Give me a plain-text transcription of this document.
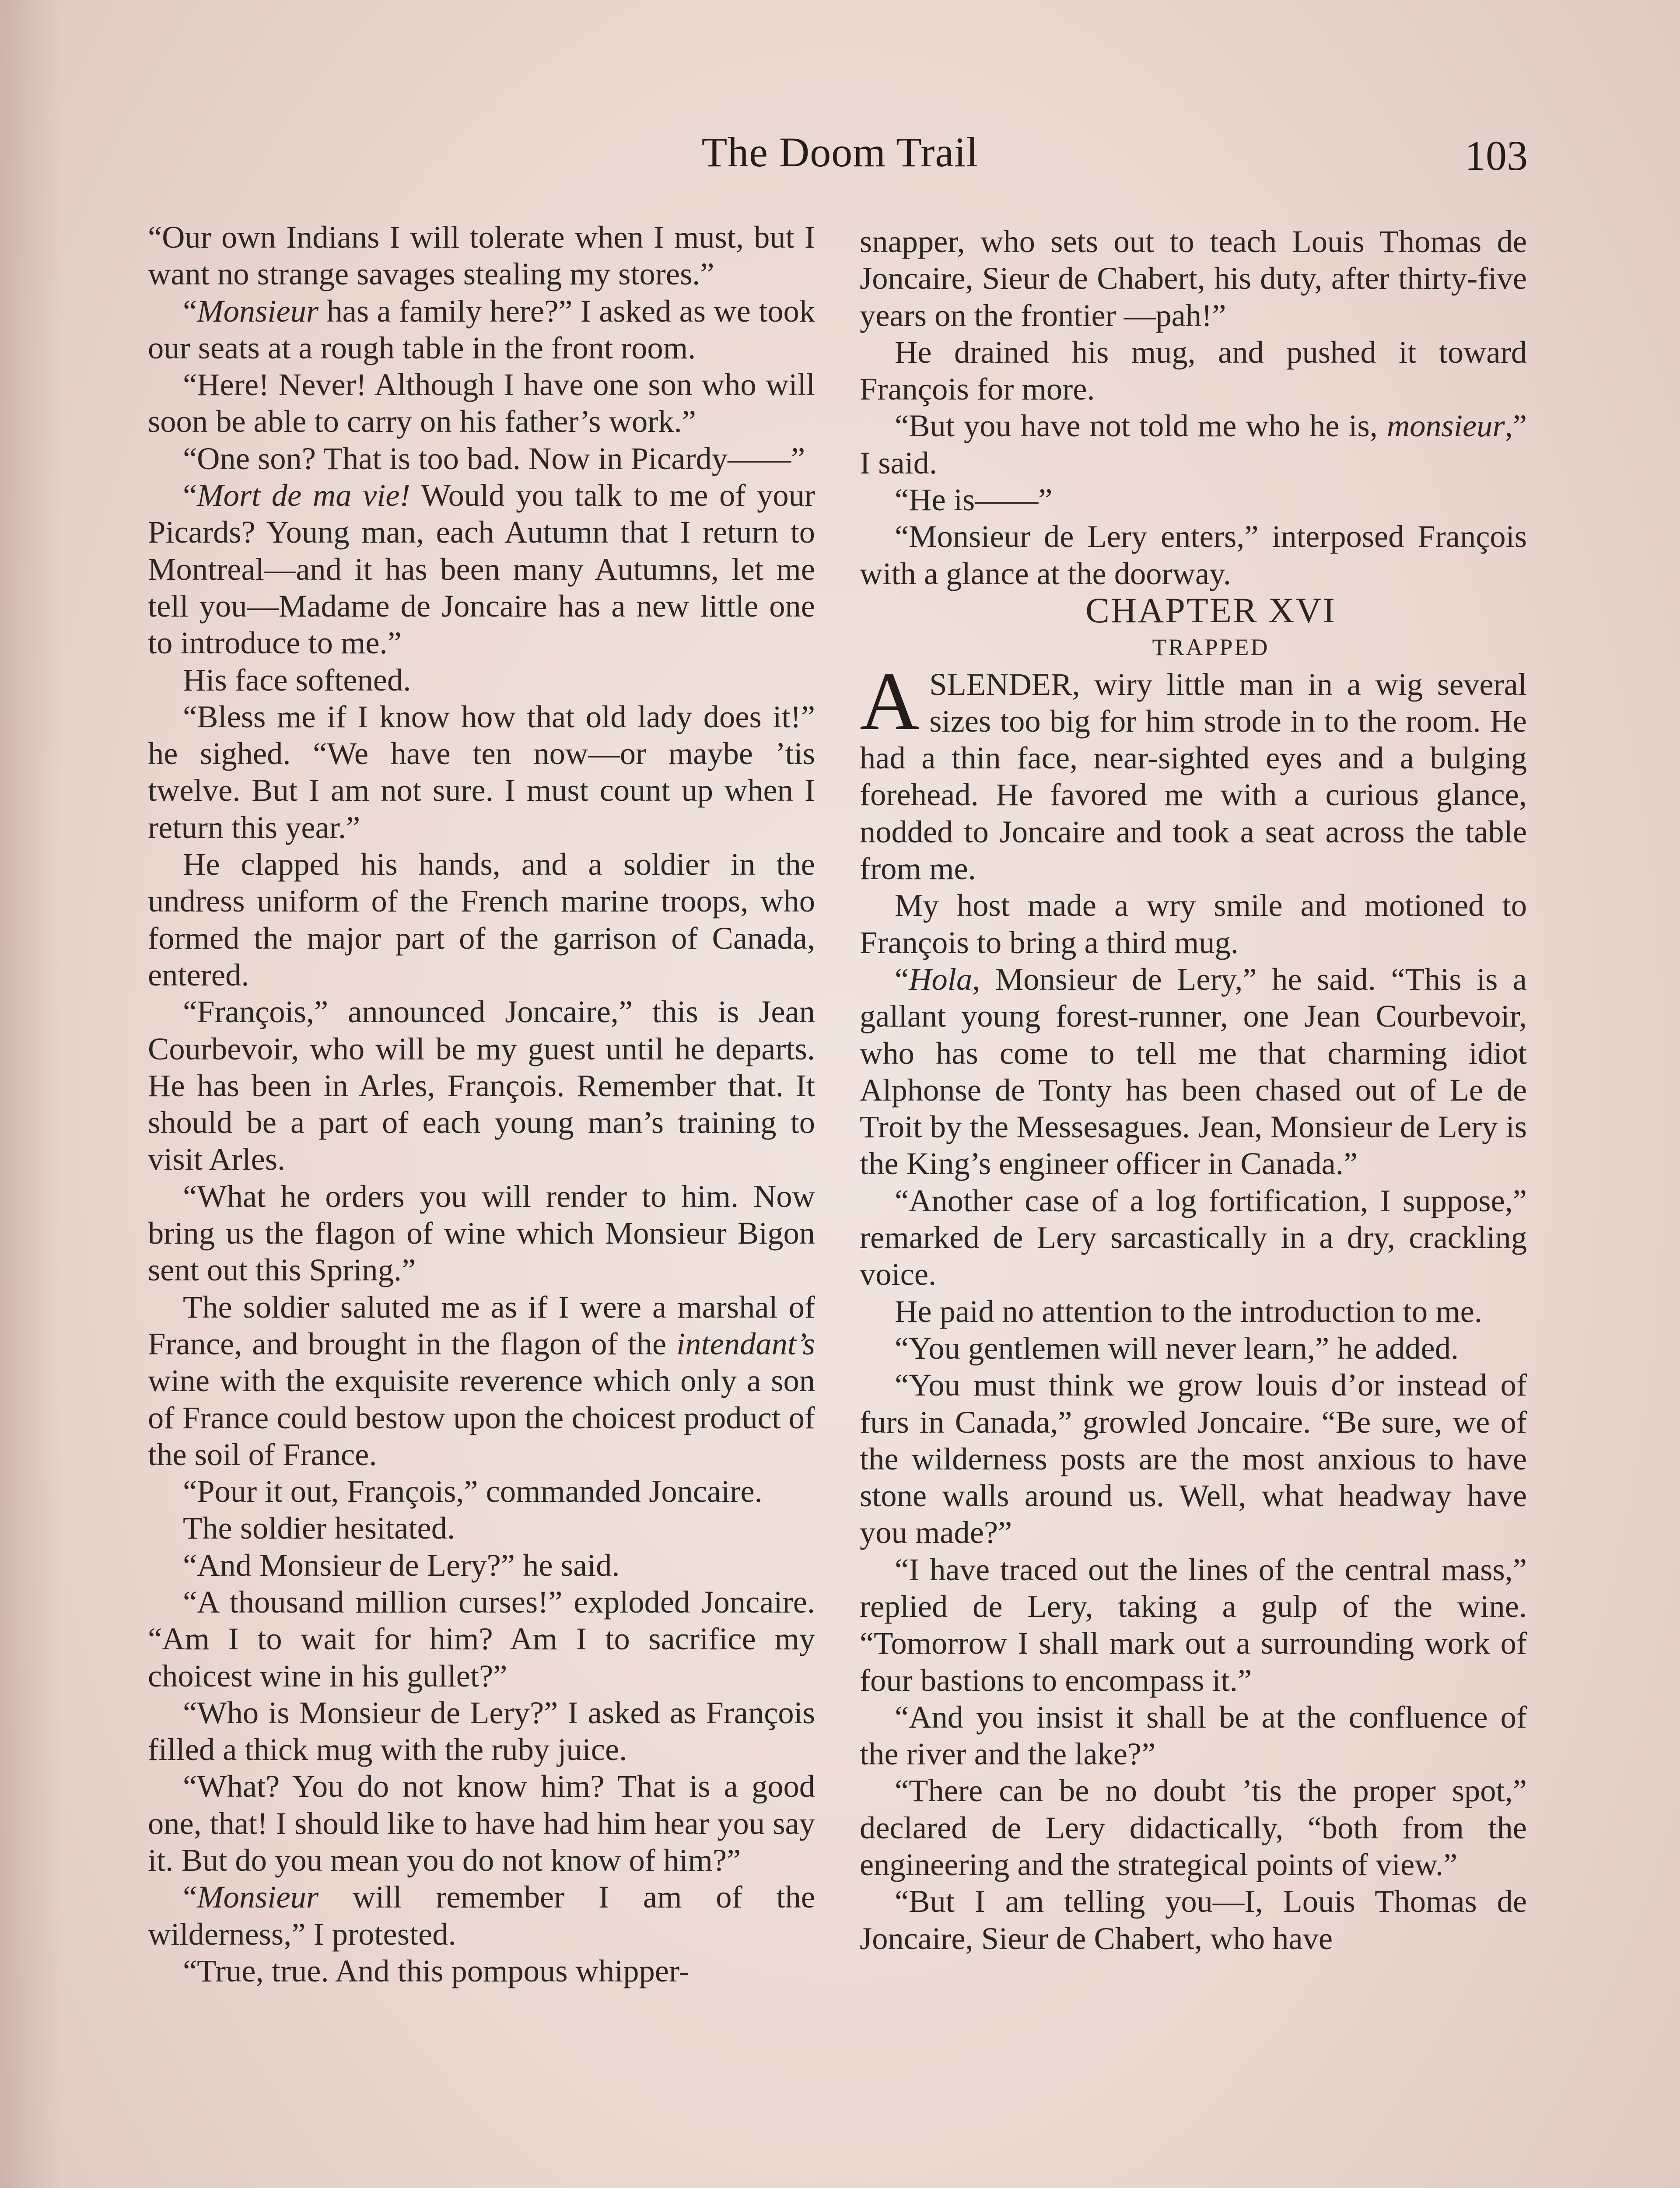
The Doom Trail	103

“Our own Indians I will tolerate when I must, but I want no strange savages stealing my stores.”

“Monsieur has a family here?” I asked as we took our seats at a rough table in the front room.

“Here! Never! Although I have one son who will soon be able to carry on his father’s work.”

“One son? That is too bad. Now in Picardy——”

“Mort de ma vie! Would you talk to me of your Picards? Young man, each Autumn that I return to Montreal—and it has been many Autumns, let me tell you—Madame de Joncaire has a new little one to introduce to me.”

His face softened.

“Bless me if I know how that old lady does it!” he sighed. “We have ten now—or maybe ’tis twelve. But I am not sure. I must count up when I return this year.”

He clapped his hands, and a soldier in the undress uniform of the French marine troops, who formed the major part of the garrison of Canada, entered.

“François,” announced Joncaire,” this is Jean Courbevoir, who will be my guest until he departs. He has been in Arles, François. Remember that. It should be a part of each young man’s training to visit Arles.

“What he orders you will render to him. Now bring us the flagon of wine which Monsieur Bigon sent out this Spring.”

The soldier saluted me as if I were a marshal of France, and brought in the flagon of the intendant’s wine with the exquisite reverence which only a son of France could bestow upon the choicest product of the soil of France.

“Pour it out, François,” commanded Joncaire.

The soldier hesitated.

“And Monsieur de Lery?” he said.

“A thousand million curses!” exploded Joncaire. “Am I to wait for him? Am I to sacrifice my choicest wine in his gullet?”

“Who is Monsieur de Lery?” I asked as François filled a thick mug with the ruby juice.

“What? You do not know him? That is a good one, that! I should like to have had him hear you say it. But do you mean you do not know of him?”

“Monsieur will remember I am of the wilderness,” I protested.

“True, true. And this pompous whipper-

snapper, who sets out to teach Louis Thomas de Joncaire, Sieur de Chabert, his duty, after thirty-five years on the frontier —pah!”

He drained his mug, and pushed it toward François for more.

“But you have not told me who he is, monsieur,” I said.

“He is——”

“Monsieur de Lery enters,” interposed François with a glance at the doorway.

CHAPTER XVI

TRAPPED

ASLENDER, wiry little man in a wig several sizes too big for him strode in to the room. He had a thin face, near-sighted eyes and a bulging forehead. He favored me with a curious glance, nodded to Joncaire and took a seat across the table from me.

My host made a wry smile and motioned to François to bring a third mug.

“Hola, Monsieur de Lery,” he said. “This is a gallant young forest-runner, one Jean Courbevoir, who has come to tell me that charming idiot Alphonse de Tonty has been chased out of Le de Troit by the Messesagues. Jean, Monsieur de Lery is the King’s engineer officer in Canada.”

“Another case of a log fortification, I suppose,” remarked de Lery sarcastically in a dry, crackling voice.

He paid no attention to the introduction to me.

“You gentlemen will never learn,” he added.

“You must think we grow louis d’or instead of furs in Canada,” growled Joncaire. “Be sure, we of the wilderness posts are the most anxious to have stone walls around us. Well, what headway have you made?”

“I have traced out the lines of the central mass,” replied de Lery, taking a gulp of the wine. “Tomorrow I shall mark out a surrounding work of four bastions to encompass it.”

“And you insist it shall be at the confluence of the river and the lake?”

“There can be no doubt ’tis the proper spot,” declared de Lery didactically, “both from the engineering and the strategical points of view.”

“But I am telling you—I, Louis Thomas de Joncaire, Sieur de Chabert, who have
